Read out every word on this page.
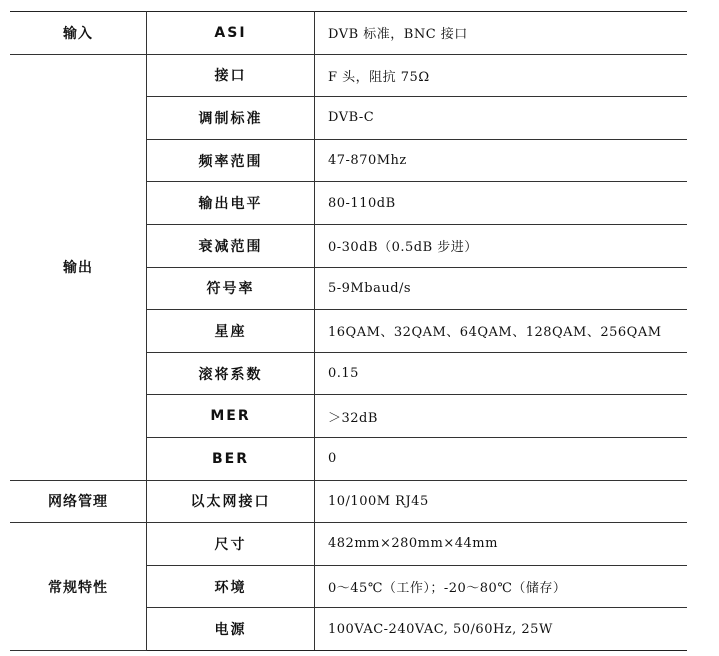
输入	ASI	DVB 标准，BNC 接口
输出	接口	F 头，阻抗 75Ω
	调制标准	DVB-C
	频率范围	47-870Mhz
	输出电平	80-110dB
	衰减范围	0-30dB（0.5dB 步进）
	符号率	5-9Mbaud/s
	星座	16QAM、32QAM、64QAM、128QAM、256QAM
	滚将系数	0.15
	MER	＞32dB
	BER	0
网络管理	以太网接口	10/100M RJ45
常规特性	尺寸	482mm×280mm×44mm
	环境	0～45℃（工作）；-20～80℃（储存）
	电源	100VAC-240VAC, 50/60Hz, 25W
